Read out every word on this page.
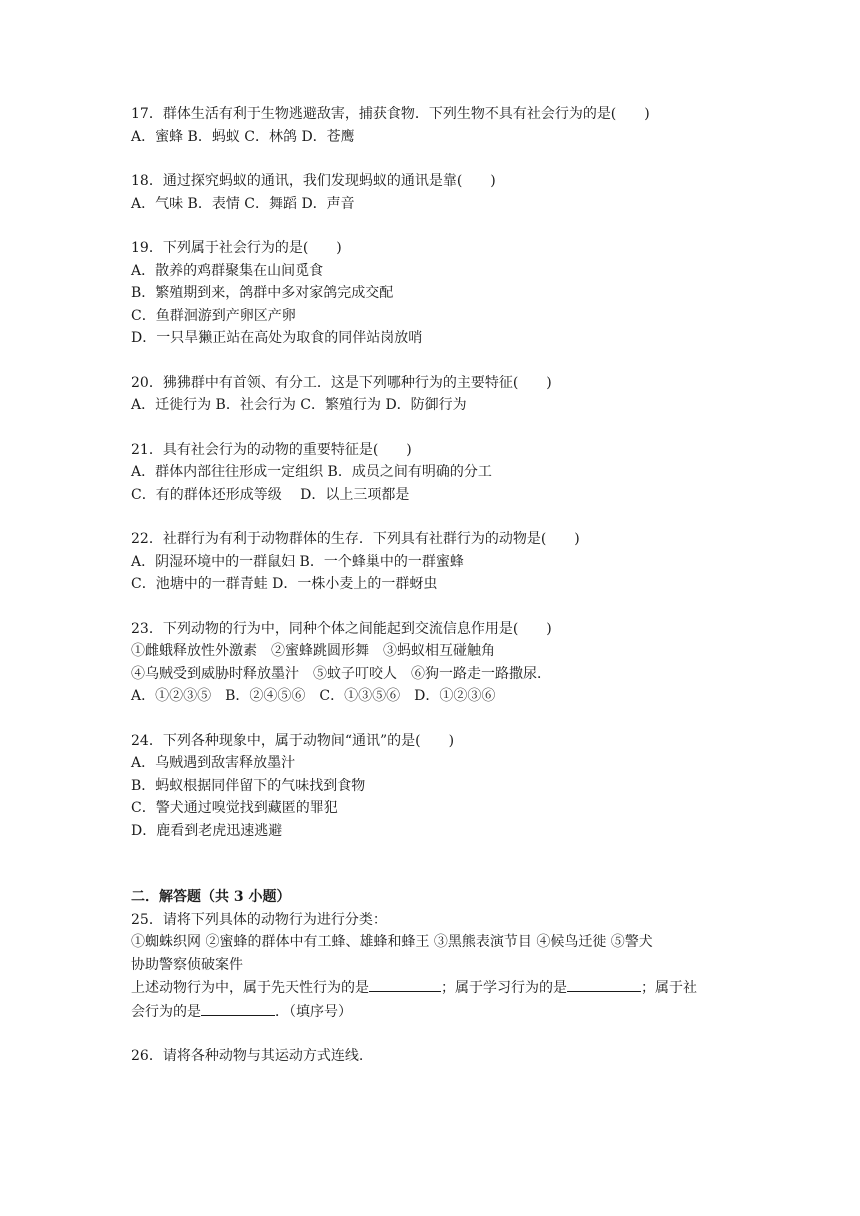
17．群体生活有利于生物逃避敌害，捕获食物．下列生物不具有社会行为的是( )
A．蜜蜂 B．蚂蚁 C．林鸽 D．苍鹰
18．通过探究蚂蚁的通讯，我们发现蚂蚁的通讯是靠( )
A．气味 B．表情 C．舞蹈 D．声音
19．下列属于社会行为的是( )
A．散养的鸡群聚集在山间觅食
B．繁殖期到来，鸽群中多对家鸽完成交配
C．鱼群洄游到产卵区产卵
D．一只旱獭正站在高处为取食的同伴站岗放哨
20．狒狒群中有首领、有分工．这是下列哪种行为的主要特征( )
A．迁徙行为 B．社会行为 C．繁殖行为 D．防御行为
21．具有社会行为的动物的重要特征是( )
A．群体内部往往形成一定组织 B．成员之间有明确的分工
C．有的群体还形成等级　 D．以上三项都是
22．社群行为有利于动物群体的生存．下列具有社群行为的动物是( )
A．阴湿环境中的一群鼠妇 B．一个蜂巢中的一群蜜蜂
C．池塘中的一群青蛙 D．一株小麦上的一群蚜虫
23．下列动物的行为中，同种个体之间能起到交流信息作用是( )
①雌蛾释放性外激素　②蜜蜂跳圆形舞　③蚂蚁相互碰触角
④乌贼受到威胁时释放墨汁　⑤蚊子叮咬人　⑥狗一路走一路撒尿．
A．①②③⑤　B．②④⑤⑥　C．①③⑤⑥　D．①②③⑥
24．下列各种现象中，属于动物间“通讯”的是( )
A．乌贼遇到敌害释放墨汁
B．蚂蚁根据同伴留下的气味找到食物
C．警犬通过嗅觉找到藏匿的罪犯
D．鹿看到老虎迅速逃避
二．解答题（共 3 小题）
25．请将下列具体的动物行为进行分类：
①蜘蛛织网 ②蜜蜂的群体中有工蜂、雄蜂和蜂王 ③黑熊表演节目 ④候鸟迁徙 ⑤警犬
协助警察侦破案件
上述动物行为中，属于先天性行为的是	；属于学习行为的是	；属于社
会行为的是	．（填序号）
26．请将各种动物与其运动方式连线.
